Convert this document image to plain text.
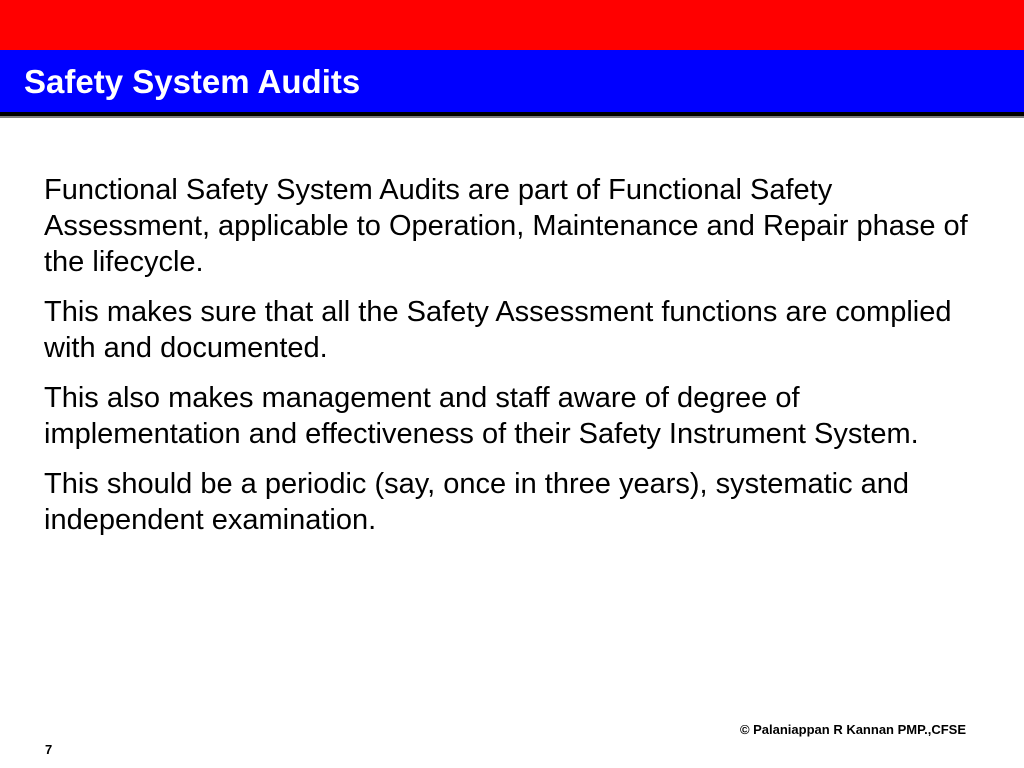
Safety System Audits

Functional Safety System Audits are part of Functional Safety Assessment, applicable to Operation, Maintenance and Repair phase of the lifecycle.

This makes sure that all the Safety Assessment functions are complied with and documented.

This also makes management and staff aware of degree of implementation and effectiveness of their Safety Instrument System.

This should be a periodic (say, once in three years), systematic and independent examination.

© Palaniappan R Kannan PMP.,CFSE
7
